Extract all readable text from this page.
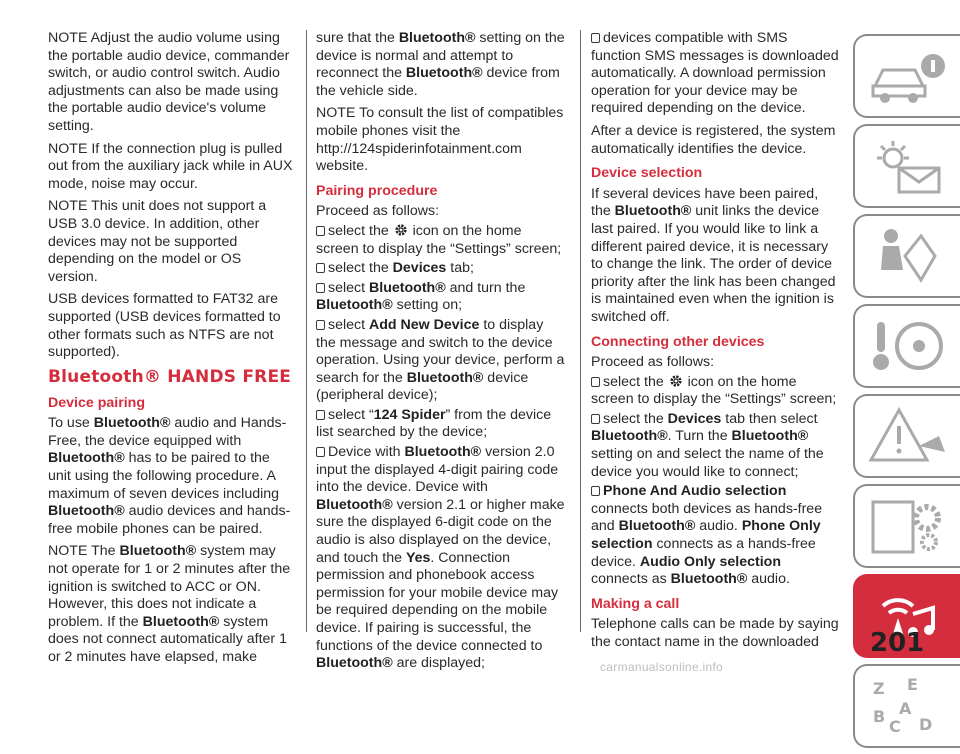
NOTE Adjust the audio volume using the portable audio device, commander switch, or audio control switch. Audio adjustments can also be made using the portable audio device's volume setting.

NOTE If the connection plug is pulled out from the auxiliary jack while in AUX mode, noise may occur.

NOTE This unit does not support a USB 3.0 device. In addition, other devices may not be supported depending on the model or OS version.

USB devices formatted to FAT32 are supported (USB devices formatted to other formats such as NTFS are not supported).

Bluetooth® HANDS FREE
Device pairing

To use Bluetooth® audio and Hands-Free, the device equipped with Bluetooth® has to be paired to the unit using the following procedure. A maximum of seven devices including Bluetooth® audio devices and hands-free mobile phones can be paired.

NOTE The Bluetooth® system may not operate for 1 or 2 minutes after the ignition is switched to ACC or ON. However, this does not indicate a problem. If the Bluetooth® system does not connect automatically after 1 or 2 minutes have elapsed, make

sure that the Bluetooth® setting on the device is normal and attempt to reconnect the Bluetooth® device from the vehicle side.

NOTE To consult the list of compatibles mobile phones visit the http://124spiderinfotainment.com website.

Pairing procedure

Proceed as follows:

select the  icon on the home screen to display the “Settings” screen;

select the Devices tab;

select Bluetooth® and turn the Bluetooth® setting on;

select Add New Device to display the message and switch to the device operation. Using your device, perform a search for the Bluetooth® device (peripheral device);

select “124 Spider” from the device list searched by the device;

Device with Bluetooth® version 2.0 input the displayed 4-digit pairing code into the device. Device with Bluetooth® version 2.1 or higher make sure the displayed 6-digit code on the audio is also displayed on the device, and touch the Yes. Connection permission and phonebook access permission for your mobile device may be required depending on the mobile device. If pairing is successful, the functions of the device connected to Bluetooth® are displayed;

devices compatible with SMS function SMS messages is downloaded automatically. A download permission operation for your device may be required depending on the device.

After a device is registered, the system automatically identifies the device.

Device selection

If several devices have been paired, the Bluetooth® unit links the device last paired. If you would like to link a different paired device, it is necessary to change the link. The order of device priority after the link has been changed is maintained even when the ignition is switched off.

Connecting other devices

Proceed as follows:

select the  icon on the home screen to display the “Settings” screen;

select the Devices tab then select Bluetooth®. Turn the Bluetooth® setting on and select the name of the device you would like to connect;

Phone And Audio selection connects both devices as hands-free and Bluetooth® audio. Phone Only selection connects as a hands-free device. Audio Only selection connects as Bluetooth® audio.

Making a call

Telephone calls can be made by saying the contact name in the downloaded

Z E
B A
C D
201
carmanualsonline.info
